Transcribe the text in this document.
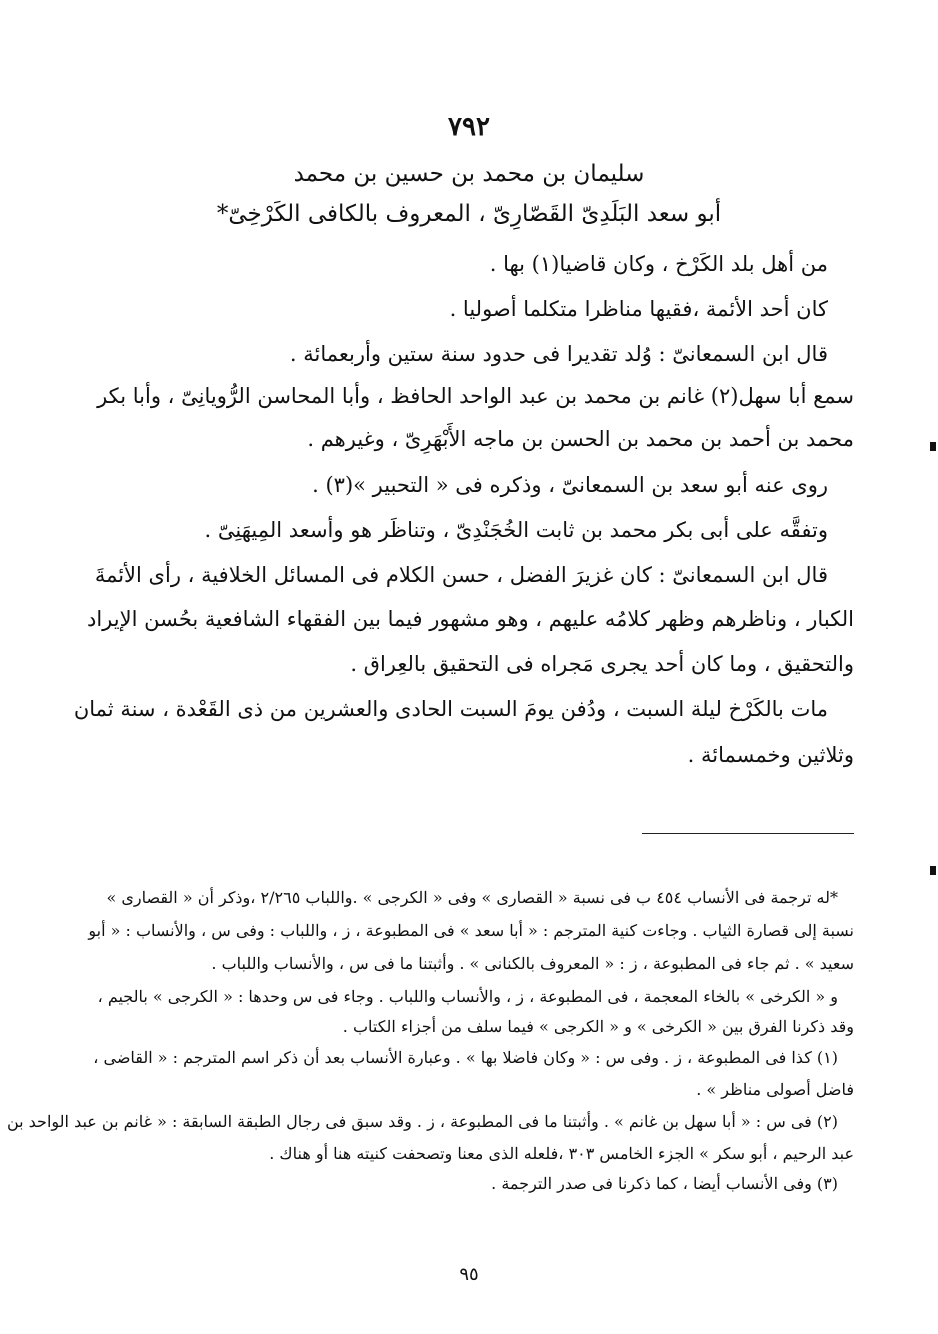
٧٩٢
سليمان بن محمد بن حسين بن محمد
أبو سعد البَلَدِىّ القَصّارِىّ ، المعروف بالكافى الكَرْخِىّ*
من أهل بلد الكَرْخ ، وكان قاضيا(١) بها .
كان أحد الأئمة ،فقيها مناظرا متكلما أصوليا .
قال ابن السمعانىّ : وُلد تقديرا فى حدود سنة ستين وأربعمائة .
سمع أبا سهل(٢) غانم بن محمد بن عبد الواحد الحافظ ، وأبا المحاسن الرُّويانِىّ ، وأبا بكر
محمد بن أحمد بن محمد بن الحسن بن ماجه الأَبْهَرِىّ ، وغيرهم .
روى عنه أبو سعد بن السمعانىّ ، وذكره فى « التحبير »(٣) .
وتفقَّه على أبى بكر محمد بن ثابت الخُجَنْدِىّ ، وتناظَر هو وأسعد المِيهَنِىّ .
قال ابن السمعانىّ : كان غزيرَ الفضل ، حسن الكلام فى المسائل الخلافية ، رأى الأئمةَ
الكبار ، وناظرهم وظهر كلامُه عليهم ، وهو مشهور فيما بين الفقهاء الشافعية بحُسن الإيراد
والتحقيق ، وما كان أحد يجرى مَجراه فى التحقيق بالعِراق .
مات بالكَرْخ ليلة السبت ، ودُفن يومَ السبت الحادى والعشرين من ذى القَعْدة ، سنة ثمان
وثلاثين وخمسمائة .
*له ترجمة فى الأنساب ٤٥٤ ب فى نسبة « القصارى » وفى « الكرجى » .واللباب ٢/٢٦٥ ،وذكر أن « القصارى »
نسبة إلى قصارة الثياب . وجاءت كنية المترجم : « أبا سعد » فى المطبوعة ، ز ، واللباب : وفى س ، والأنساب : « أبو
سعيد » . ثم جاء فى المطبوعة ، ز : « المعروف بالكنانى » . وأثبتنا ما فى س ، والأنساب واللباب .
و « الكرخى » بالخاء المعجمة ، فى المطبوعة ، ز ، والأنساب واللباب . وجاء فى س وحدها : « الكرجى » بالجيم ،
وقد ذكرنا الفرق بين « الكرخى » و « الكرجى » فيما سلف من أجزاء الكتاب .
(١) كذا فى المطبوعة ، ز . وفى س : « وكان فاضلا بها » . وعبارة الأنساب بعد أن ذكر اسم المترجم : « القاضى ،
فاضل أصولى مناظر » .
(٢) فى س : « أبا سهل بن غانم » . وأثبتنا ما فى المطبوعة ، ز . وقد سبق فى رجال الطبقة السابقة : « غانم بن عبد الواحد بن
عبد الرحيم ، أبو سكر » الجزء الخامس ٣٠٣ ،فلعله الذى معنا وتصحفت كنيته هنا أو هناك .
(٣) وفى الأنساب أيضا ، كما ذكرنا فى صدر الترجمة .
٩٥
